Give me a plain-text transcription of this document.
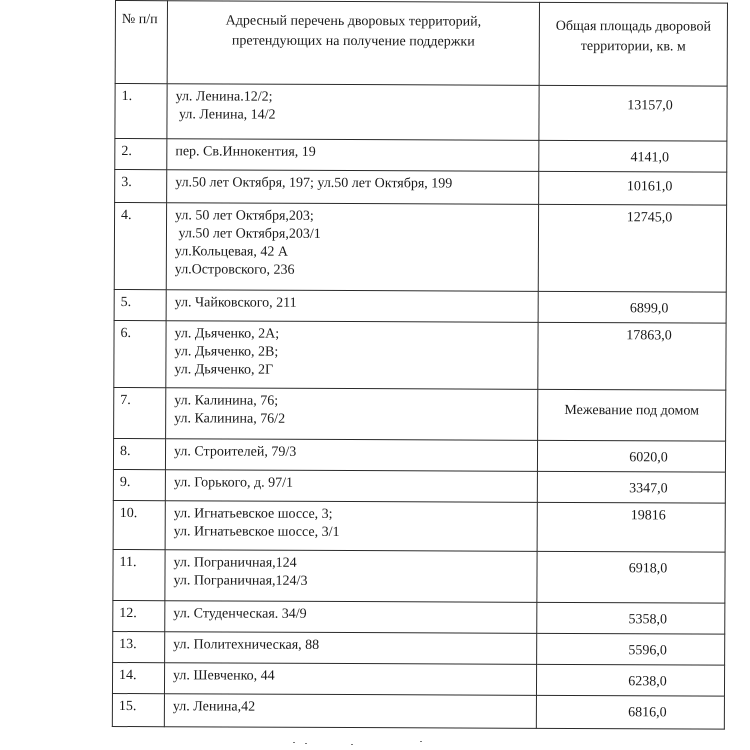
№ п/п	Адресный перечень дворовых территорий,
претендующих на получение поддержки	Общая площадь дворовой
территории, кв. м

1.	ул. Ленина.12/2;
ул. Ленина, 14/2	13157,0

2.	пер. Св.Иннокентия, 19	4141,0

3.	ул.50 лет Октября, 197; ул.50 лет Октября, 199	10161,0

4.	ул. 50 лет Октября,203;
ул.50 лет Октября,203/1
ул.Кольцевая, 42 А
ул.Островского, 236	12745,0

5.	ул. Чайковского, 211	6899,0

6.	ул. Дьяченко, 2А;
ул. Дьяченко, 2В;
ул. Дьяченко, 2Г	17863,0

7.	ул. Калинина, 76;
ул. Калинина, 76/2	Межевание под домом

8.	ул. Строителей, 79/3	6020,0

9.	ул. Горького, д. 97/1	3347,0

10.	ул. Игнатьевское шоссе, 3;
ул. Игнатьевское шоссе, 3/1	19816

11.	ул. Пограничная,124
ул. Пограничная,124/3	6918,0

12.	ул. Студенческая. 34/9	5358,0

13.	ул. Политехническая, 88	5596,0

14.	ул. Шевченко, 44	6238,0

15.	ул. Ленина,42	6816,0
